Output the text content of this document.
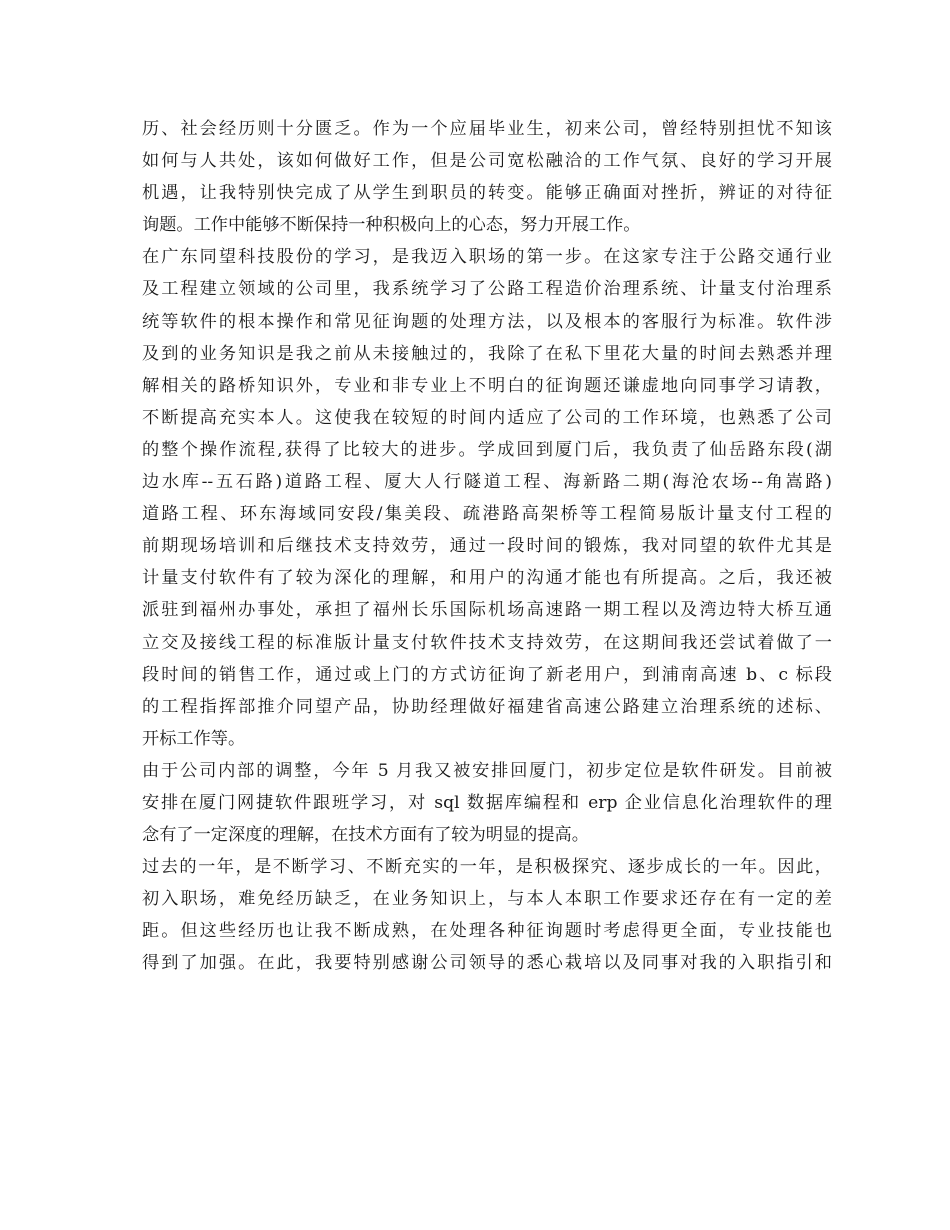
历、社会经历则十分匮乏。作为一个应届毕业生，初来公司，曾经特别担忧不知该
如何与人共处，该如何做好工作，但是公司宽松融洽的工作气氛、良好的学习开展
机遇，让我特别快完成了从学生到职员的转变。能够正确面对挫折，辨证的对待征
询题。工作中能够不断保持一种积极向上的心态，努力开展工作。

在广东同望科技股份的学习，是我迈入职场的第一步。在这家专注于公路交通行业
及工程建立领域的公司里，我系统学习了公路工程造价治理系统、计量支付治理系
统等软件的根本操作和常见征询题的处理方法，以及根本的客服行为标准。软件涉
及到的业务知识是我之前从未接触过的，我除了在私下里花大量的时间去熟悉并理
解相关的路桥知识外，专业和非专业上不明白的征询题还谦虚地向同事学习请教，
不断提高充实本人。这使我在较短的时间内适应了公司的工作环境，也熟悉了公司
的整个操作流程,获得了比较大的进步。学成回到厦门后，我负责了仙岳路东段(湖
边水库--五石路)道路工程、厦大人行隧道工程、海新路二期(海沧农场--角嵩路)
道路工程、环东海域同安段/集美段、疏港路高架桥等工程简易版计量支付工程的
前期现场培训和后继技术支持效劳，通过一段时间的锻炼，我对同望的软件尤其是
计量支付软件有了较为深化的理解，和用户的沟通才能也有所提高。之后，我还被
派驻到福州办事处，承担了福州长乐国际机场高速路一期工程以及湾边特大桥互通
立交及接线工程的标准版计量支付软件技术支持效劳，在这期间我还尝试着做了一
段时间的销售工作，通过或上门的方式访征询了新老用户，到浦南高速 b、c 标段
的工程指挥部推介同望产品，协助经理做好福建省高速公路建立治理系统的述标、
开标工作等。

由于公司内部的调整，今年 5 月我又被安排回厦门，初步定位是软件研发。目前被
安排在厦门网捷软件跟班学习，对 sql 数据库编程和 erp 企业信息化治理软件的理
念有了一定深度的理解，在技术方面有了较为明显的提高。

过去的一年，是不断学习、不断充实的一年，是积极探究、逐步成长的一年。因此，
初入职场，难免经历缺乏，在业务知识上，与本人本职工作要求还存在有一定的差
距。但这些经历也让我不断成熟，在处理各种征询题时考虑得更全面，专业技能也
得到了加强。在此，我要特别感谢公司领导的悉心栽培以及同事对我的入职指引和
